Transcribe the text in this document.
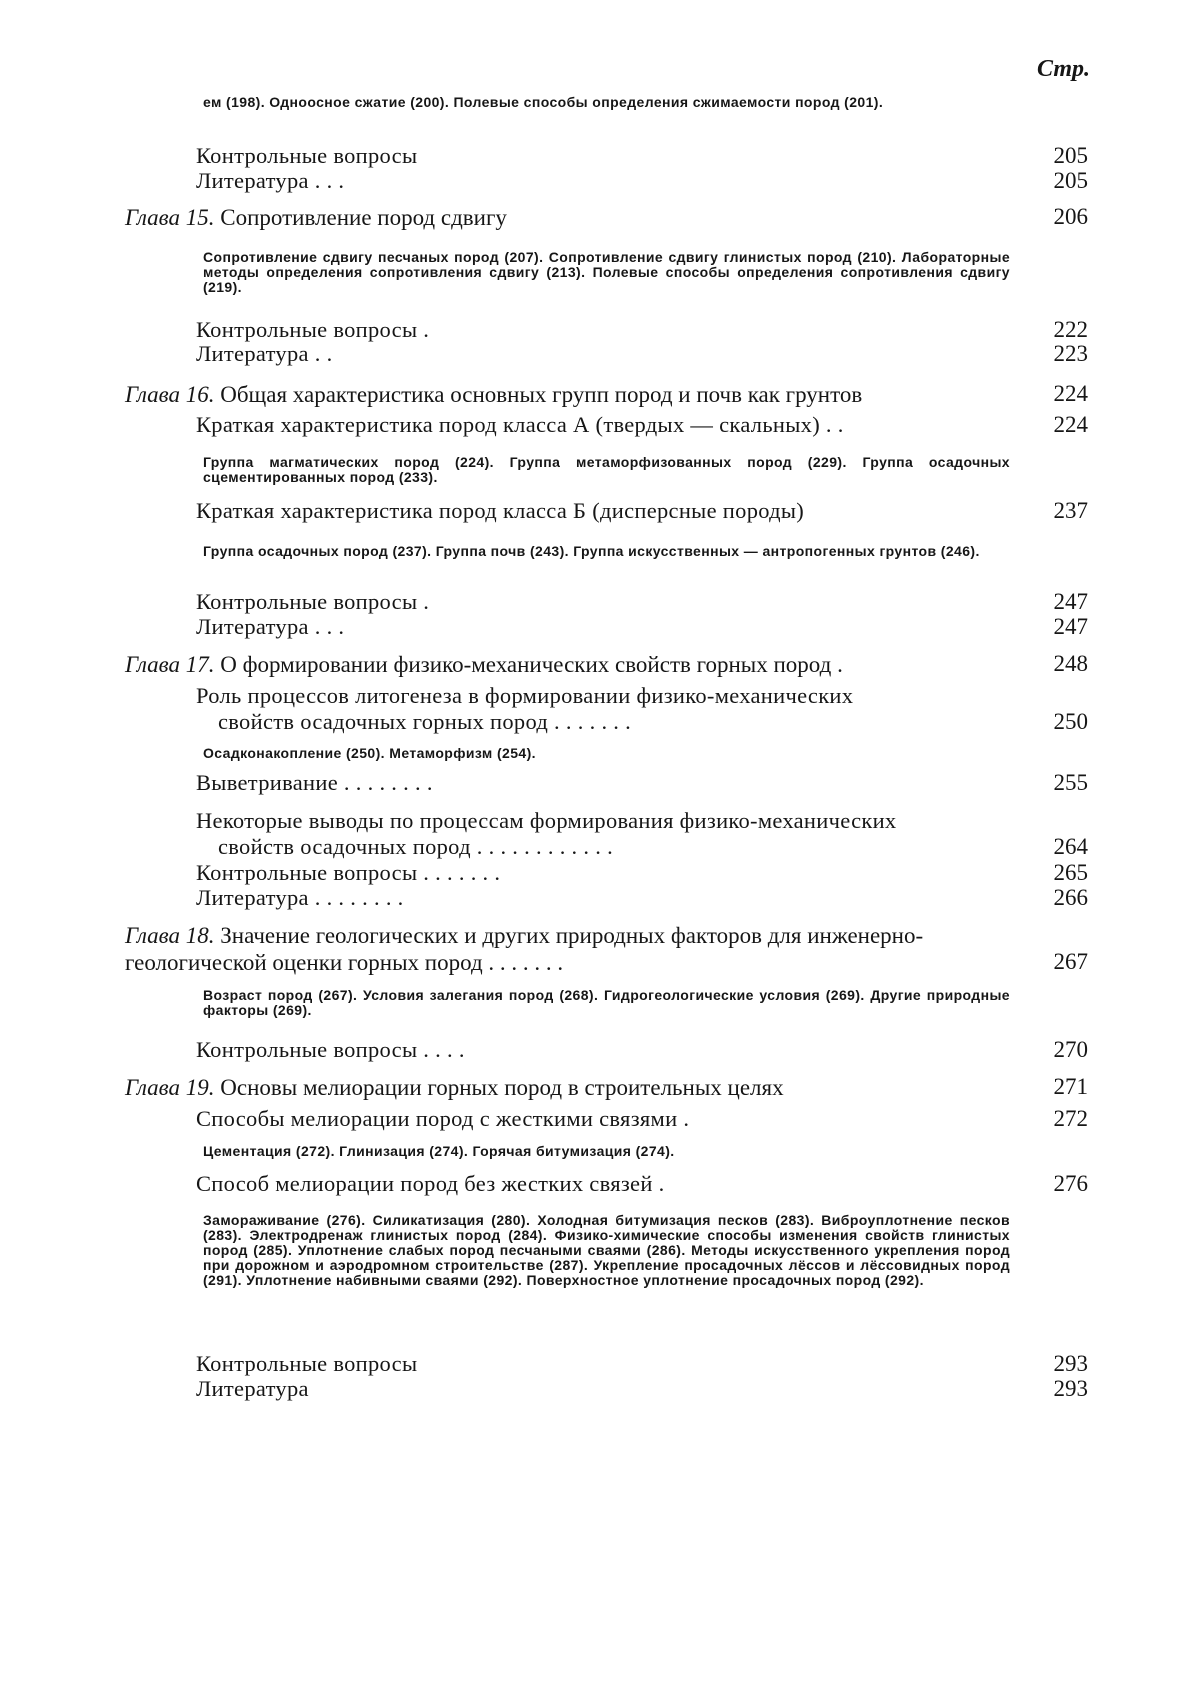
Стр.
ем (198). Одноосное сжатие (200). Полевые способы определения сжимаемости пород (201).
Контрольные вопросы	205
Литература . . .	205
Глава 15. Сопротивление пород сдвигу	206
Сопротивление сдвигу песчаных пород (207). Сопротивление сдвигу глинистых пород (210). Лабораторные методы определения сопротивления сдвигу (213). Полевые способы определения сопротивления сдвигу (219).
Контрольные вопросы .	222
Литература . .	223
Глава 16. Общая характеристика основных групп пород и почв как грунтов	224
Краткая характеристика пород класса А (твердых — скальных) . .	224
Группа магматических пород (224). Группа метаморфизованных пород (229). Группа осадочных сцементированных пород (233).
Краткая характеристика пород класса Б (дисперсные породы)	237
Группа осадочных пород (237). Группа почв (243). Группа искусственных — антропогенных грунтов (246).
Контрольные вопросы .	247
Литература . . .	247
Глава 17. О формировании физико-механических свойств горных пород .	248
Роль процессов литогенеза в формировании физико-механических
свойств осадочных горных пород . . . . . . .	250
Осадконакопление (250). Метаморфизм (254).
Выветривание . . . . . . . .	255
Некоторые выводы по процессам формирования физико-механических
свойств осадочных пород . . . . . . . . . . . .	264
Контрольные вопросы . . . . . . .	265
Литература . . . . . . . .	266
Глава 18. Значение геологических и других природных факторов для инженерно-геологической оценки горных пород . . . . . . .	267
Возраст пород (267). Условия залегания пород (268). Гидрогеологические условия (269). Другие природные факторы (269).
Контрольные вопросы . . . .	270
Глава 19. Основы мелиорации горных пород в строительных целях	271
Способы мелиорации пород с жесткими связями .	272
Цементация (272). Глинизация (274). Горячая битумизация (274).
Способ мелиорации пород без жестких связей .	276
Замораживание (276). Силикатизация (280). Холодная битумизация песков (283). Виброуплотнение песков (283). Электродренаж глинистых пород (284). Физико-химические способы изменения свойств глинистых пород (285). Уплотнение слабых пород песчаными сваями (286). Методы искусственного укрепления пород при дорожном и аэродромном строительстве (287). Укрепление просадочных лёссов и лёссовидных пород (291). Уплотнение набивными сваями (292). Поверхностное уплотнение просадочных пород (292).
Контрольные вопросы	293
Литература	293
